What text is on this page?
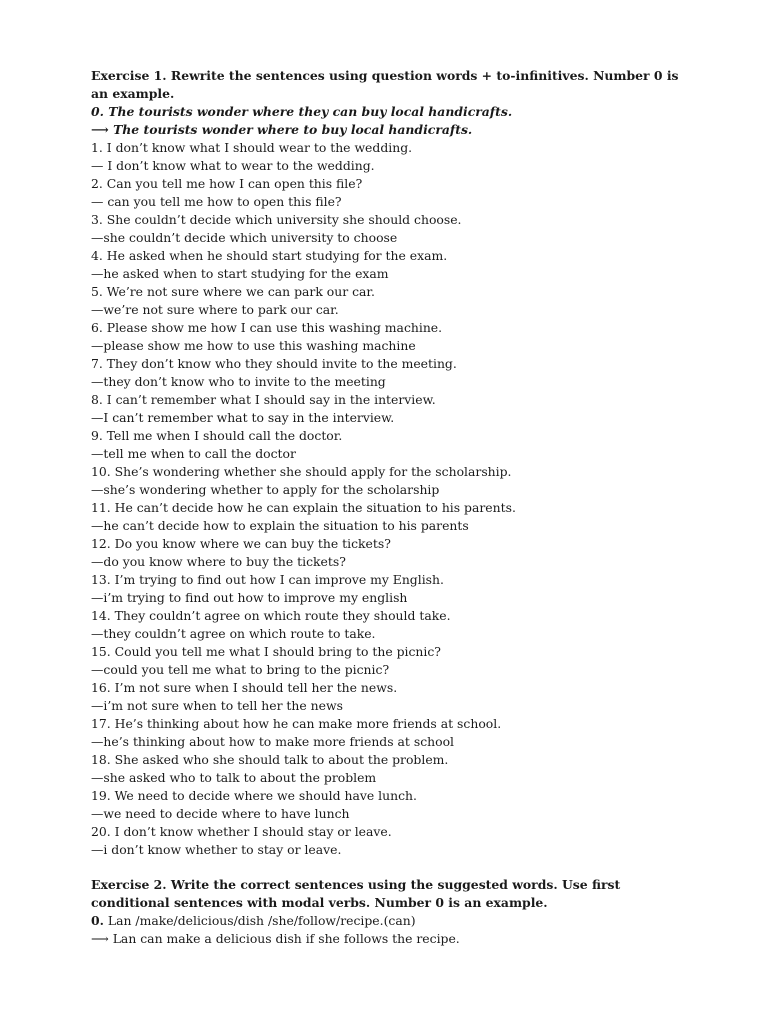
Exercise 1. Rewrite the sentences using question words + to-infinitives. Number 0 is an example.
0. The tourists wonder where they can buy local handicrafts.
⟶ The tourists wonder where to buy local handicrafts.
1. I don’t know what I should wear to the wedding.
— I don’t know what to wear to the wedding.
2. Can you tell me how I can open this file?
— can you tell me how to open this file?
3. She couldn’t decide which university she should choose.
—she couldn’t decide which university to choose
4. He asked when he should start studying for the exam.
—he asked when to start studying for the exam
5. We’re not sure where we can park our car.
—we’re not sure where to park our car.
6. Please show me how I can use this washing machine.
—please show me how to use this washing machine
7. They don’t know who they should invite to the meeting.
—they don’t know who to invite to the meeting
8. I can’t remember what I should say in the interview.
—I can’t remember what to say in the interview.
9. Tell me when I should call the doctor.
—tell me when to call the doctor
10. She’s wondering whether she should apply for the scholarship.
—she’s wondering whether to apply for the scholarship
11. He can’t decide how he can explain the situation to his parents.
—he can’t decide how to explain the situation to his parents
12. Do you know where we can buy the tickets?
—do you know where to buy the tickets?
13. I’m trying to find out how I can improve my English.
—i’m trying to find out how to improve my english
14. They couldn’t agree on which route they should take.
—they couldn’t agree on which route to take.
15. Could you tell me what I should bring to the picnic?
—could you tell me what to bring to the picnic?
16. I’m not sure when I should tell her the news.
—i’m not sure when to tell her the news
17. He’s thinking about how he can make more friends at school.
—he’s thinking about how to make more friends at school
18. She asked who she should talk to about the problem.
—she asked who to talk to about the problem
19. We need to decide where we should have lunch.
—we need to decide where to have lunch
20. I don’t know whether I should stay or leave.
—i don’t know whether to stay or leave.
Exercise 2. Write the correct sentences using the suggested words. Use first conditional sentences with modal verbs. Number 0 is an example.
0. Lan /make/delicious/dish /she/follow/recipe.(can)
⟶ Lan can make a delicious dish if she follows the recipe.
